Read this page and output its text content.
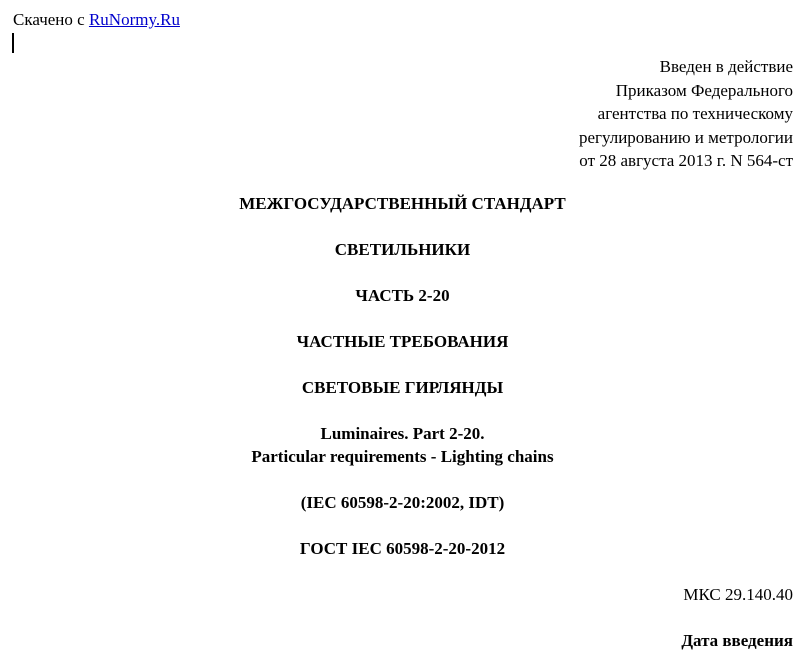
Скачено с RuNormy.Ru
Введен в действие
Приказом Федерального
агентства по техническому
регулированию и метрологии
от 28 августа 2013 г. N 564-ст
МЕЖГОСУДАРСТВЕННЫЙ СТАНДАРТ
СВЕТИЛЬНИКИ
ЧАСТЬ 2-20
ЧАСТНЫЕ ТРЕБОВАНИЯ
СВЕТОВЫЕ ГИРЛЯНДЫ
Luminaires. Part 2-20.
Particular requirements - Lighting chains
(IEC 60598-2-20:2002, IDT)
ГОСТ IEC 60598-2-20-2012
МКС 29.140.40
Дата введения
